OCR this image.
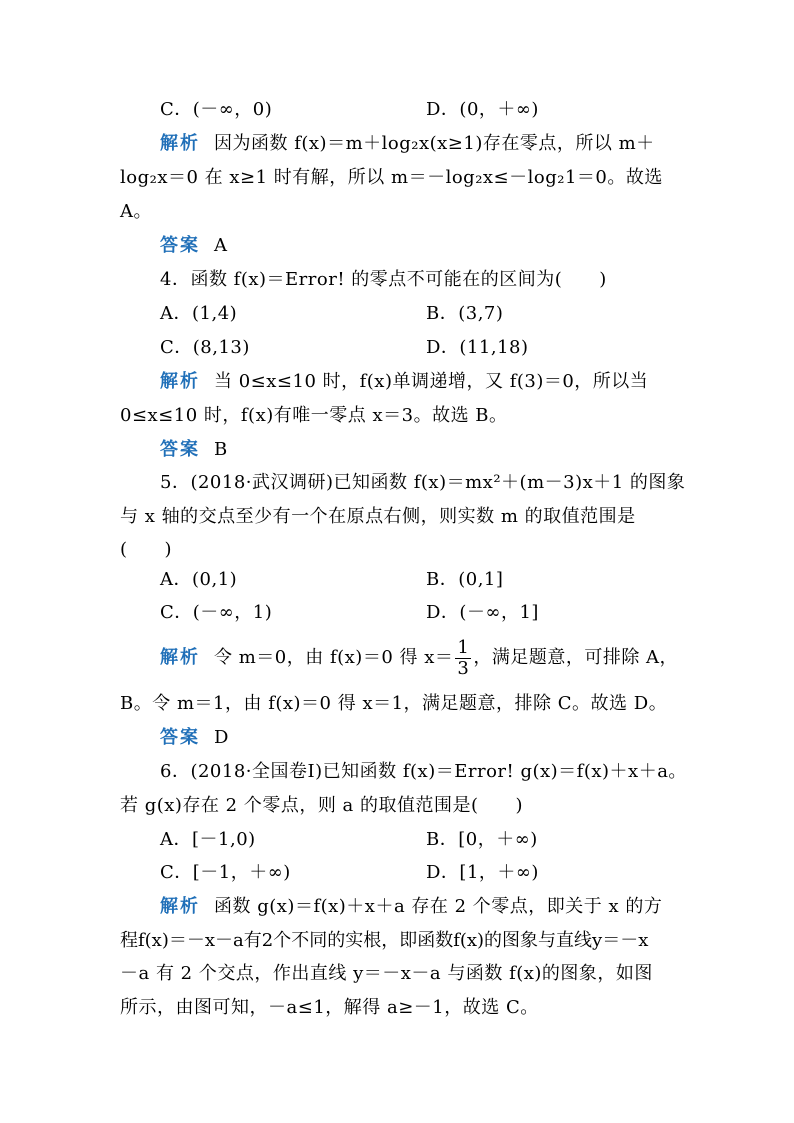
C．(－∞，0)	D．(0，＋∞)
解析 因为函数 f(x)＝m＋log₂x(x≥1)存在零点，所以 m＋
log₂x＝0 在 x≥1 时有解，所以 m＝－log₂x≤－log₂1＝0。故选
A。
答案 A
4．函数 f(x)＝Error! 的零点不可能在的区间为(　　)
A．(1,4)	B．(3,7)
C．(8,13)	D．(11,18)
解析 当 0≤x≤10 时，f(x)单调递增，又 f(3)＝0，所以当
0≤x≤10 时，f(x)有唯一零点 x＝3。故选 B。
答案 B
5．(2018·武汉调研)已知函数 f(x)＝mx²＋(m－3)x＋1 的图象
与 x 轴的交点至少有一个在原点右侧，则实数 m 的取值范围是
(　　)
A．(0,1)	B．(0,1]
C．(－∞，1)	D．(－∞，1]
解析 令 m＝0，由 f(x)＝0 得 $x= \frac{1}{3}$ ，满足题意，可排除 A，
B。令 m＝1，由 f(x)＝0 得 x＝1，满足题意，排除 C。故选 D。
答案 D
6．(2018·全国卷Ⅰ)已知函数 f(x)＝Error! g(x)＝f(x)＋x＋a。
若 g(x)存在 2 个零点，则 a 的取值范围是(　　)
A．[－1,0)	B．[0，＋∞)
C．[－1，＋∞)	D．[1，＋∞)
解析 函数 g(x)＝f(x)＋x＋a 存在 2 个零点，即关于 x 的方
程f(x)＝－x－a有2个不同的实根，即函数f(x)的图象与直线y＝－x
－a 有 2 个交点，作出直线 y＝－x－a 与函数 f(x)的图象，如图
所示，由图可知，－a≤1，解得 a≥－1，故选 C。
